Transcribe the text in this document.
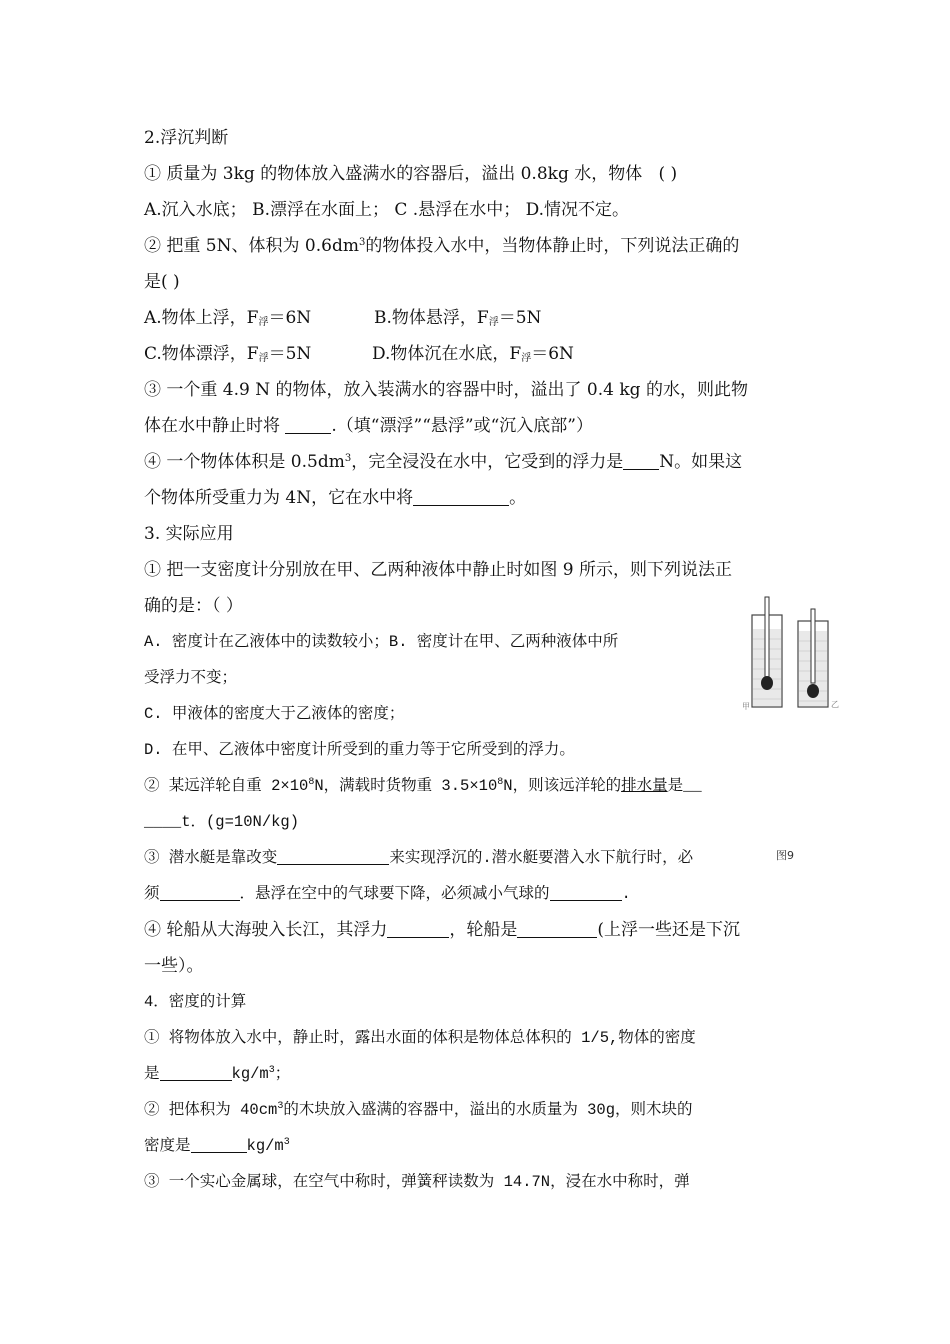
2.浮沉判断
① 质量为 3kg 的物体放入盛满水的容器后，溢出 0.8kg 水，物体 ( )
A.沉入水底； B.漂浮在水面上； C .悬浮在水中； D.情况不定。
② 把重 5N、体积为 $0.6dm^3$的物体投入水中，当物体静止时，下列说法正确的
是( )
A.物体上浮，$F_浮=6N$	B.物体悬浮，$F_浮=5N$
C.物体漂浮，$F_浮=5N$	D.物体沉在水底，$F_浮=6N$
③ 一个重 4.9 N 的物体，放入装满水的容器中时，溢出了 0.4 kg 的水，则此物
体在水中静止时将	.（填“漂浮”“悬浮”或“沉入底部”）
④ 一个物体体积是 $0.5dm^3$，完全浸没在水中，它受到的浮力是 N。如果这
个物体所受重力为 4N，它在水中将	。
3. 实际应用
① 把一支密度计分别放在甲、乙两种液体中静止时如图 9 所示，则下列说法正
确的是：（ ）
A. 密度计在乙液体中的读数较小；B. 密度计在甲、乙两种液体中所
受浮力不变；
C. 甲液体的密度大于乙液体的密度；
D. 在甲、乙液体中密度计所受到的重力等于它所受到的浮力。
② 某远洋轮自重 $2\times 10^8N$，满载时货物重 $3.5\times 10^8N$，则该远洋轮的排水量是__
____t．(g=10N/kg)
③ 潜水艇是靠改变	来实现浮沉的.潜水艇要潜入水下航行时，必
须	．悬浮在空中的气球要下降，必须减小气球的	.
④ 轮船从大海驶入长江，其浮力	，轮船是	(上浮一些还是下沉
一些）。
4．密度的计算
① 将物体放入水中，静止时，露出水面的体积是物体总体积的 1/5,物体的密度
是	$kg/m^3$；
② 把体积为 $40cm^3$的木块放入盛满的容器中，溢出的水质量为 30g，则木块的
密度是	$kg/m^3$
③ 一个实心金属球，在空气中称时，弹簧秤读数为 14.7N，浸在水中称时，弹
甲	乙
图9
